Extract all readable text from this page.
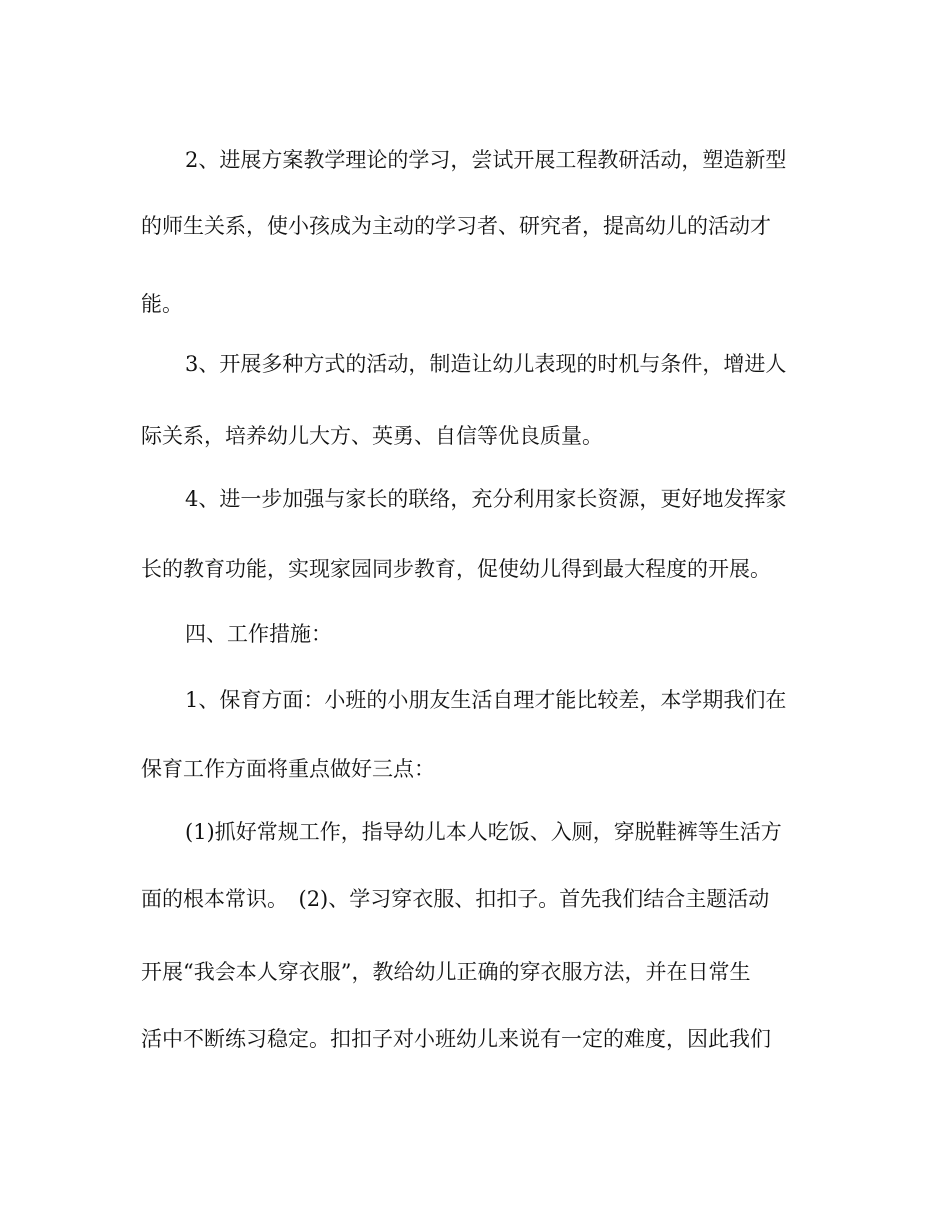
2、进展方案教学理论的学习，尝试开展工程教研活动，塑造新型
的师生关系，使小孩成为主动的学习者、研究者，提高幼儿的活动才
能。
3、开展多种方式的活动，制造让幼儿表现的时机与条件，增进人
际关系，培养幼儿大方、英勇、自信等优良质量。
4、进一步加强与家长的联络，充分利用家长资源，更好地发挥家
长的教育功能，实现家园同步教育，促使幼儿得到最大程度的开展。
四、工作措施：
1、保育方面：小班的小朋友生活自理才能比较差，本学期我们在
保育工作方面将重点做好三点：
(1)抓好常规工作，指导幼儿本人吃饭、入厕，穿脱鞋裤等生活方
面的根本常识。　(2)、学习穿衣服、扣扣子。首先我们结合主题活动
开展“我会本人穿衣服”，教给幼儿正确的穿衣服方法，并在日常生
活中不断练习稳定。扣扣子对小班幼儿来说有一定的难度，因此我们
